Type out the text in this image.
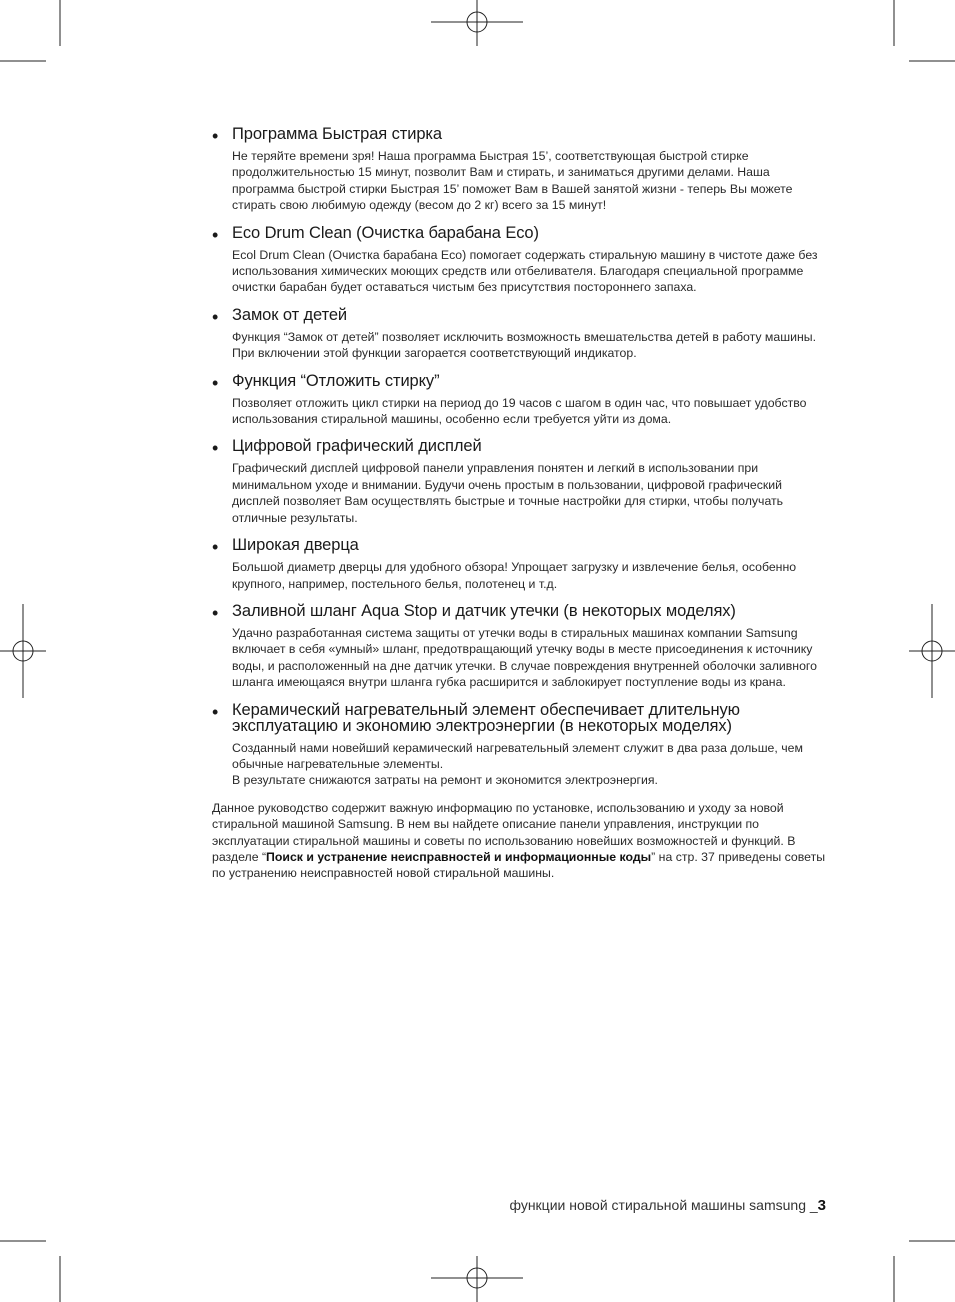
• Программа Быстрая стирка

Не теряйте времени зря! Наша программа Быстрая 15’, соответствующая быстрой стирке продолжительностью 15 минут, позволит Вам и стирать, и заниматься другими делами. Наша программа быстрой стирки Быстрая 15’ поможет Вам в Вашей занятой жизни - теперь Вы можете стирать свою любимую одежду (весом до 2 кг) всего за 15 минут!

• Eco Drum Clean (Очистка барабана Eco)

Ecol Drum Clean (Очистка барабана Eco) помогает содержать стиральную машину в чистоте даже без использования химических моющих средств или отбеливателя. Благодаря специальной программе очистки барабан будет оставаться чистым без присутствия постороннего запаха.

• Замок от детей

Функция “Замок от детей” позволяет исключить возможность вмешательства детей в работу машины.

При включении этой функции загорается соответствующий индикатор.

• Функция “Отложить стирку”

Позволяет отложить цикл стирки на период до 19 часов с шагом в один час, что повышает удобство использования стиральной машины, особенно если требуется уйти из дома.

• Цифровой графический дисплей

Графический дисплей цифровой панели управления понятен и легкий в использовании при минимальном уходе и внимании. Будучи очень простым в пользовании, цифровой графический дисплей позволяет Вам осуществлять быстрые и точные настройки для стирки, чтобы получать отличные результаты.

• Широкая дверца

Большой диаметр дверцы для удобного обзора! Упрощает загрузку и извлечение белья, особенно крупного, например, постельного белья, полотенец и т.д.

• Заливной шланг Aqua Stop и датчик утечки (в некоторых моделях)

Удачно разработанная система защиты от утечки воды в стиральных машинах компании Samsung включает в себя «умный» шланг, предотвращающий утечку воды в месте присоединения к источнику воды, и расположенный на дне датчик утечки. В случае повреждения внутренней оболочки заливного шланга имеющаяся внутри шланга губка расширится и заблокирует поступление воды из крана.

• Керамический нагревательный элемент обеспечивает длительную эксплуатацию и экономию электроэнергии (в некоторых моделях)

Созданный нами новейший керамический нагревательный элемент служит в два раза дольше, чем обычные нагревательные элементы.

В результате снижаются затраты на ремонт и экономится электроэнергия.

Данное руководство содержит важную информацию по установке, использованию и уходу за новой стиральной машиной Samsung. В нем вы найдете описание панели управления, инструкции по эксплуатации стиральной машины и советы по использованию новейших возможностей и функций. В разделе “Поиск и устранение неисправностей и информационные коды” на стр. 37 приведены советы по устранению неисправностей новой стиральной машины.
функции новой стиральной машины samsung _3
